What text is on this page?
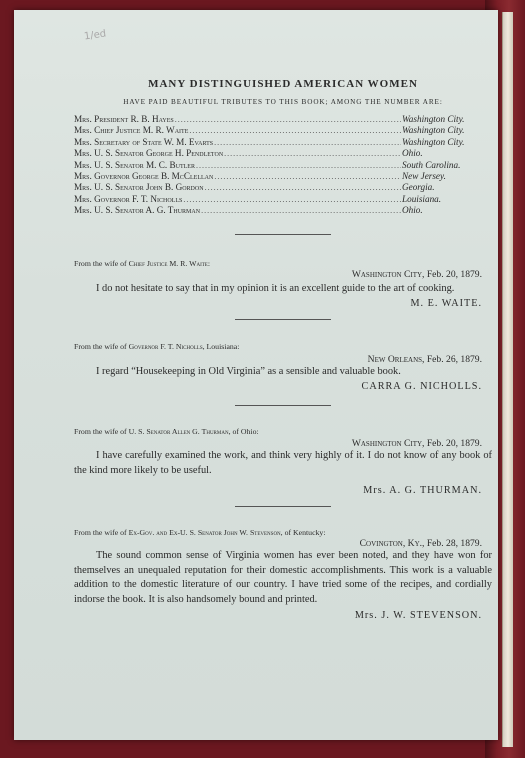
1/ed
MANY DISTINGUISHED AMERICAN WOMEN
HAVE PAID BEAUTIFUL TRIBUTES TO THIS BOOK; AMONG THE NUMBER ARE:
Mrs. President R. B. Hayes .....	Washington City.
Mrs. Chief Justice M. R. Waite .....	Washington City.
Mrs. Secretary of State W. M. Evarts .....	Washington City.
Mrs. U. S. Senator George H. Pendleton .....	Ohio.
Mrs. U. S. Senator M. C. Butler .....	South Carolina.
Mrs. Governor George B. McClellan .....	New Jersey.
Mrs. U. S. Senator John B. Gordon .....	Georgia.
Mrs. Governor F. T. Nicholls .....	Louisiana.
Mrs. U. S. Senator A. G. Thurman .....	Ohio.

From the wife of Chief Justice M. R. Waite:

Washington City, Feb. 20, 1879.

I do not hesitate to say that in my opinion it is an excellent guide to the art of cooking.

M. E. WAITE.

From the wife of Governor F. T. Nicholls, Louisiana:

New Orleans, Feb. 26, 1879.

I regard “Housekeeping in Old Virginia” as a sensible and valuable book.

CARRA G. NICHOLLS.

From the wife of U. S. Senator Allen G. Thurman, of Ohio:

Washington City, Feb. 20, 1879.

I have carefully examined the work, and think very highly of it. I do not know of any book of the kind more likely to be useful.

Mrs. A. G. THURMAN.

From the wife of Ex-Gov. and Ex-U. S. Senator John W. Stevenson, of Kentucky:

Covington, Ky., Feb. 28, 1879.

The sound common sense of Virginia women has ever been noted, and they have won for themselves an unequaled reputation for their domestic accomplishments. This work is a valuable addition to the domestic literature of our country. I have tried some of the recipes, and cordially indorse the book. It is also handsomely bound and printed.

Mrs. J. W. STEVENSON.
